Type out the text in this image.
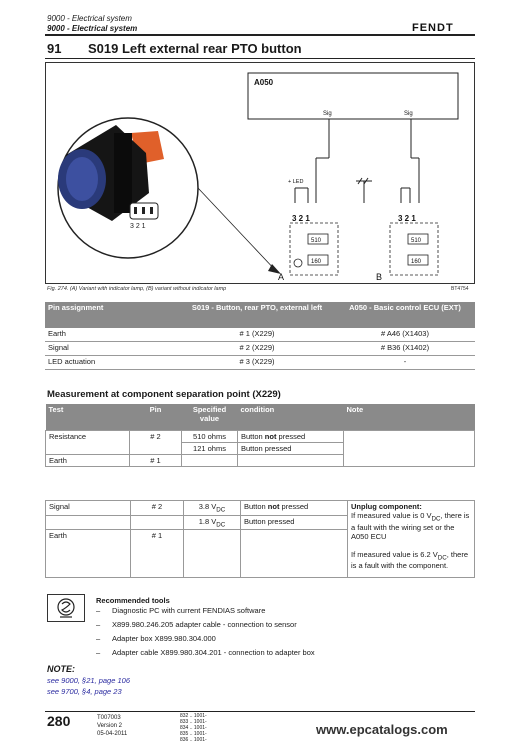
9000 - Electrical system
9000 - Electrical system	FENDT
91 S019 Left external rear PTO button
3 2 1
A050
Sig	Sig
+ LED
3 2 1
510
160
A
3 2 1
510
160
B
Fig. 274. (A) Variant with indicator lamp, (B) variant without indicator lamp	BT4754
Pin assignment	S019 - Button, rear PTO, external left	A050 - Basic control ECU (EXT)
Earth	# 1 (X229)	# A46 (X1403)
Signal	# 2 (X229)	# B36 (X1402)
LED actuation	# 3 (X229)	-
Measurement at component separation point (X229)
Test	Pin	Specified value	condition	Note
Resistance	# 2	510 ohms	Button not pressed	
		121 ohms	Button pressed	
Earth	# 1			
Signal	# 2	3.8 $V_{DC}$	Button not pressed	Unplug component:
If measured value is 0 $V_{DC}$, there is a fault with the wiring set or the A050 ECU

If measured value is 6.2 $V_{DC}$, there is a fault with the component.
		1.8 $V_{DC}$	Button pressed	
Earth	# 1			
Recommended tools
– Diagnostic PC with current FENDIAS software
– X899.980.246.205 adapter cable - connection to sensor
– Adapter box X899.980.304.000
– Adapter cable X899.980.304.201 - connection to adapter box
NOTE:
see 9000, §21, page 106
see 9700, §4, page 23
280	T007003
Version 2
05-04-2011
832 .. 1001-
833 .. 1001-
834 .. 1001-
835 .. 1001-
836 .. 1001-
www.epcatalogs.com
